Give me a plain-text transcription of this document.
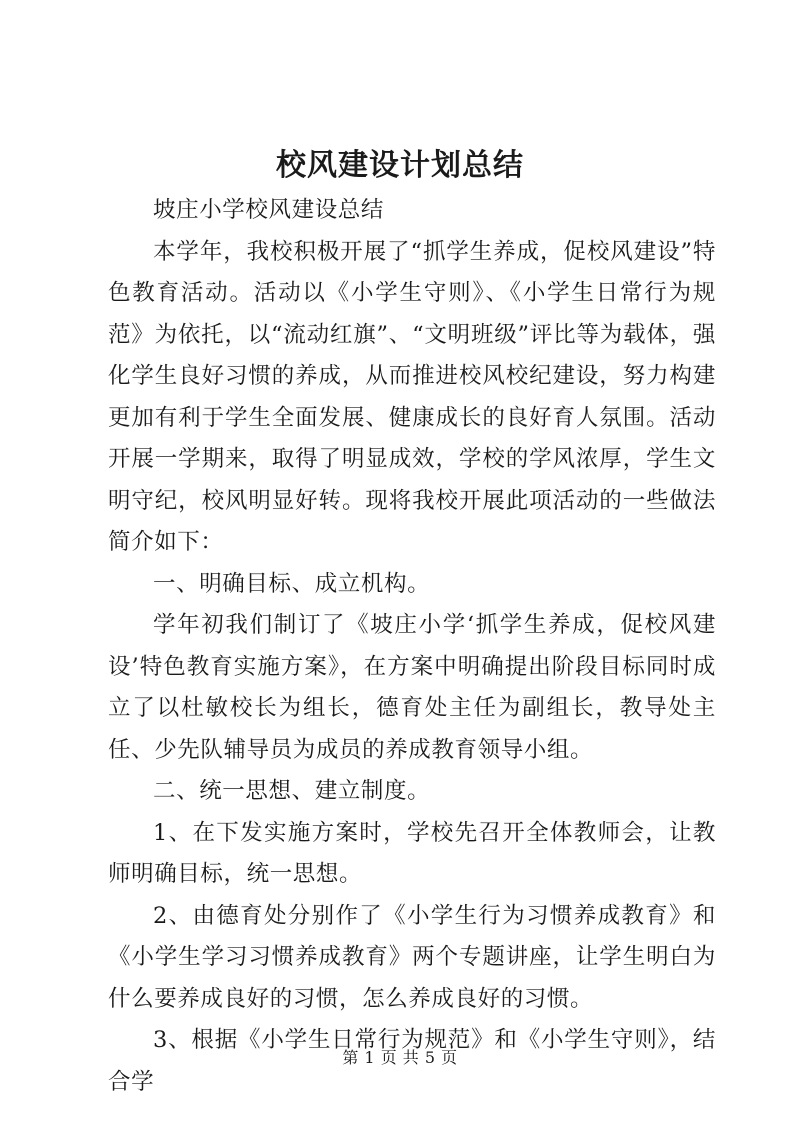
校风建设计划总结

坡庄小学校风建设总结

本学年，我校积极开展了“抓学生养成，促校风建设”特色教育活动。活动以《小学生守则》、《小学生日常行为规范》为依托，以“流动红旗”、“文明班级”评比等为载体，强化学生良好习惯的养成，从而推进校风校纪建设，努力构建更加有利于学生全面发展、健康成长的良好育人氛围。活动开展一学期来，取得了明显成效，学校的学风浓厚，学生文明守纪，校风明显好转。现将我校开展此项活动的一些做法简介如下：

一、明确目标、成立机构。

学年初我们制订了《坡庄小学‘抓学生养成，促校风建设’特色教育实施方案》，在方案中明确提出阶段目标同时成立了以杜敏校长为组长，德育处主任为副组长，教导处主任、少先队辅导员为成员的养成教育领导小组。

二、统一思想、建立制度。

1、在下发实施方案时，学校先召开全体教师会，让教师明确目标，统一思想。

2、由德育处分别作了《小学生行为习惯养成教育》和《小学生学习习惯养成教育》两个专题讲座，让学生明白为什么要养成良好的习惯，怎么养成良好的习惯。

3、根据《小学生日常行为规范》和《小学生守则》，结合学

第 1 页 共 5 页
